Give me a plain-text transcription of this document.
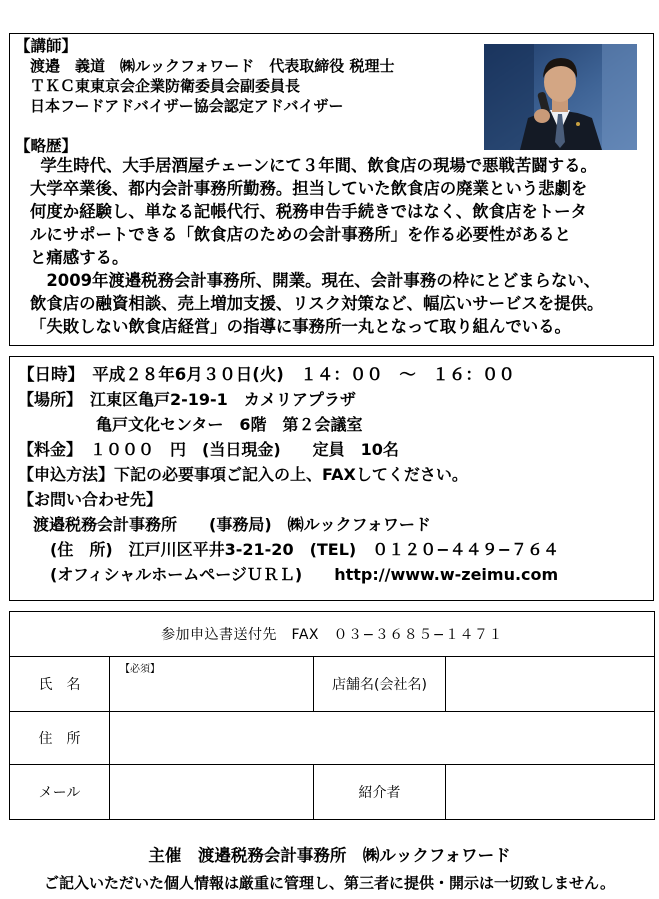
【講師】
渡邉　義道　㈱ルックフォワード　代表取締役 税理士
ＴＫＣ東東京会企業防衛委員会副委員長
日本フードアドバイザー協会認定アドバイザー
【略歴】
　学生時代、大手居酒屋チェーンにて３年間、飲食店の現場で悪戦苦闘する。
大学卒業後、都内会計事務所勤務。担当していた飲食店の廃業という悲劇を
何度か経験し、単なる記帳代行、税務申告手続きではなく、飲食店をトータ
ルにサポートできる「飲食店のための会計事務所」を作る必要性があると
と痛感する。
　2009年渡邉税務会計事務所、開業。現在、会計事務の枠にとどまらない、
飲食店の融資相談、売上増加支援、リスク対策など、幅広いサービスを提供。
「失敗しない飲食店経営」の指導に事務所一丸となって取り組んでいる。
【日時】　平成２８年6月３０日(火)　１４：００　～　１６：００
【場所】　江東区亀戸2-19-1　カメリアプラザ
亀戸文化センター　6階　第２会議室
【料金】　１０００　円　(当日現金)　　定員　10名
【申込方法】下記の必要事項ご記入の上、FAXしてください。
【お問い合わせ先】
渡邉税務会計事務所　　(事務局)　㈱ルックフォワード
(住　所)　江戸川区平井3-21-20　(TEL)　０１２０−４４９−７６４
(オフィシャルホームページＵＲＬ)　　http://www.w-zeimu.com
参加申込書送付先　FAX　０３−３６８５−１４７１			
氏　名	【必須】	店舗名(会社名)	
住　所			
メール		紹介者	
主催　渡邉税務会計事務所　㈱ルックフォワード
ご記入いただいた個人情報は厳重に管理し、第三者に提供・開示は一切致しません。
